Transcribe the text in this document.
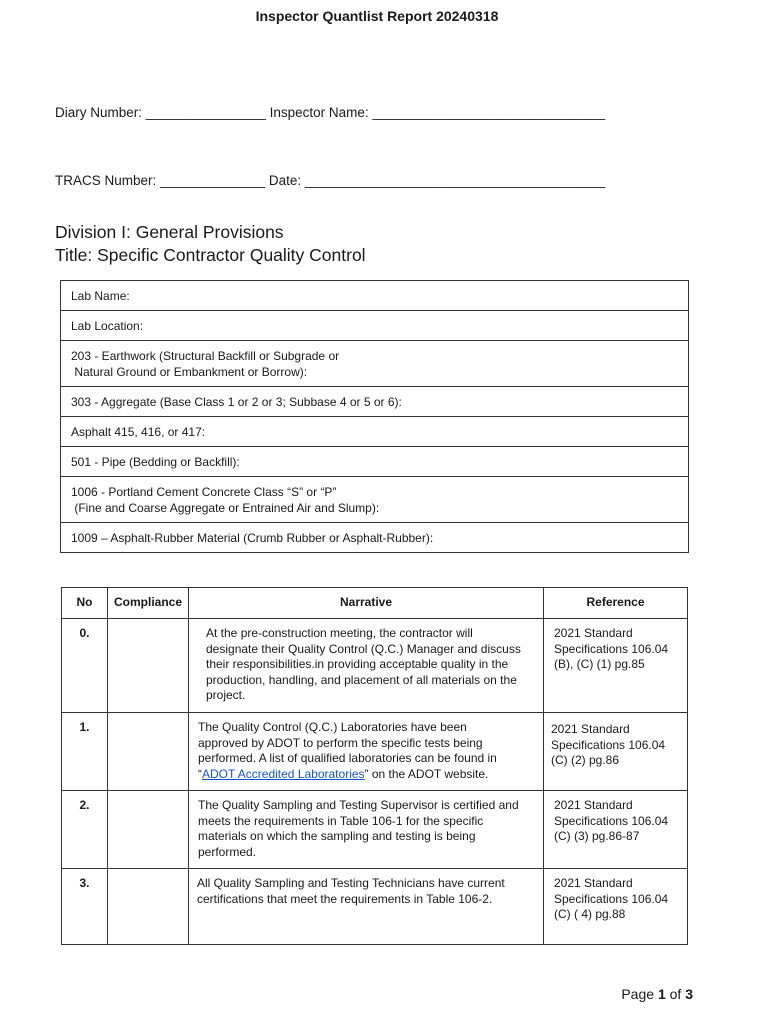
Inspector Quantlist Report 20240318
Diary Number: ________________ Inspector Name: _______________________________
TRACS Number: ______________ Date: ________________________________________
Division I: General Provisions
Title: Specific Contractor Quality Control
Lab Name:
Lab Location:

203 - Earthwork (Structural Backfill or Subgrade or
Natural Ground or Embankment or Borrow):

303 - Aggregate (Base Class 1 or 2 or 3; Subbase 4 or 5 or 6):
Asphalt 415, 416, or 417:
501 - Pipe (Bedding or Backfill):

1006 - Portland Cement Concrete Class “S” or “P”
(Fine and Coarse Aggregate or Entrained Air and Slump):

1009 – Asphalt-Rubber Material (Crumb Rubber or Asphalt-Rubber):
No	Compliance	Narrative	Reference
0.		At the pre-construction meeting, the contractor will designate their Quality Control (Q.C.) Manager and discuss their responsibilities.in providing acceptable quality in the production, handling, and placement of all materials on the project.	2021 Standard Specifications 106.04 (B), (C) (1) pg.85
1.		The Quality Control (Q.C.) Laboratories have been approved by ADOT to perform the specific tests being performed. A list of qualified laboratories can be found in “ADOT Accredited Laboratories” on the ADOT website.	2021 Standard Specifications 106.04 (C) (2) pg.86
2.		The Quality Sampling and Testing Supervisor is certified and meets the requirements in Table 106-1 for the specific materials on which the sampling and testing is being performed.	2021 Standard Specifications 106.04 (C) (3) pg.86-87
3.		All Quality Sampling and Testing Technicians have current certifications that meet the requirements in Table 106-2.	2021 Standard Specifications 106.04 (C) ( 4) pg.88
Page 1 of 3
